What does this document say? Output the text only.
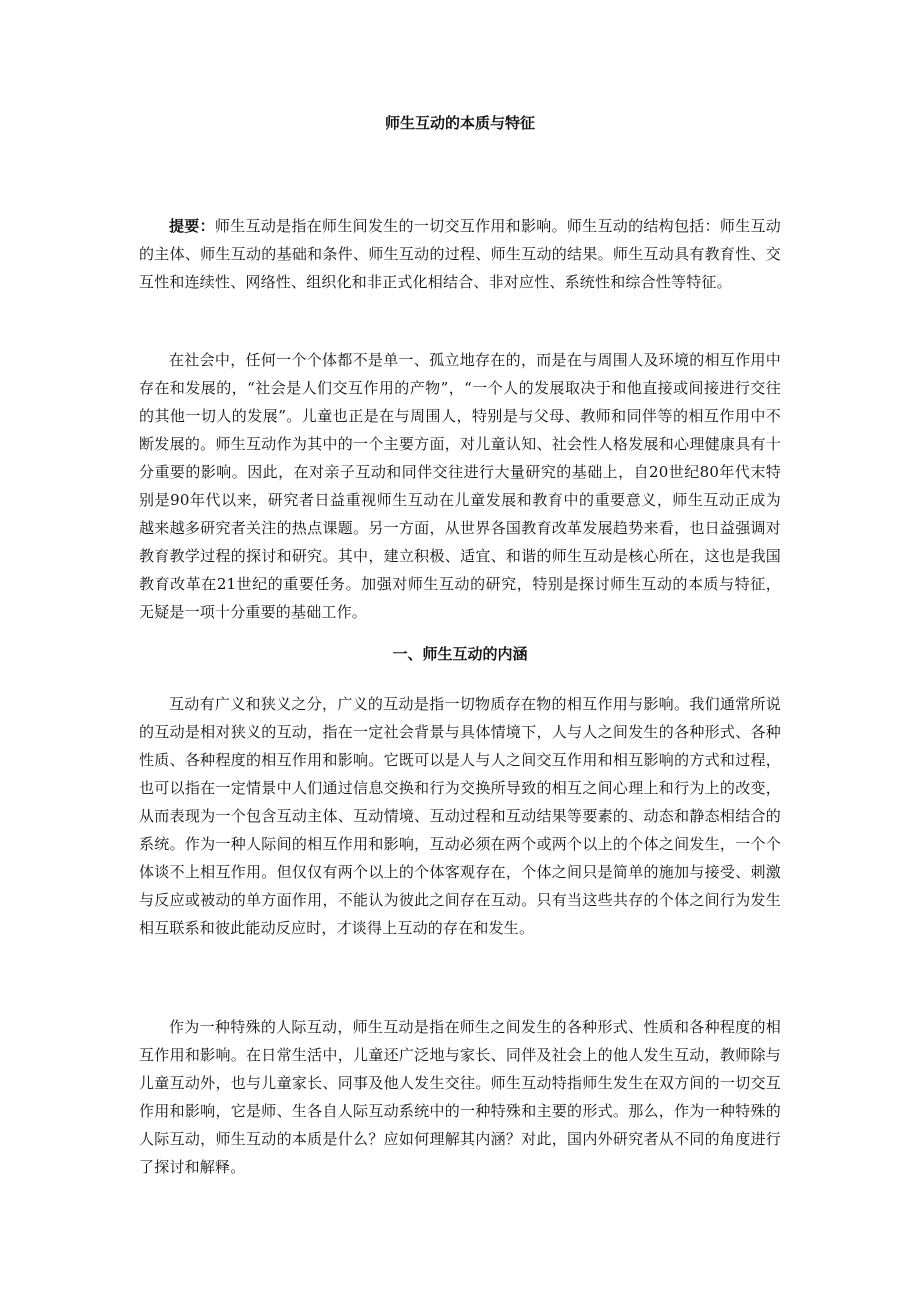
师生互动的本质与特征

提要：师生互动是指在师生间发生的一切交互作用和影响。师生互动的结构包括：师生互动的主体、师生互动的基础和条件、师生互动的过程、师生互动的结果。师生互动具有教育性、交互性和连续性、网络性、组织化和非正式化相结合、非对应性、系统性和综合性等特征。

在社会中，任何一个个体都不是单一、孤立地存在的，而是在与周围人及环境的相互作用中存在和发展的，“社会是人们交互作用的产物”，“一个人的发展取决于和他直接或间接进行交往的其他一切人的发展”。儿童也正是在与周围人，特别是与父母、教师和同伴等的相互作用中不断发展的。师生互动作为其中的一个主要方面，对儿童认知、社会性人格发展和心理健康具有十分重要的影响。因此，在对亲子互动和同伴交往进行大量研究的基础上，自20世纪80年代末特别是90年代以来，研究者日益重视师生互动在儿童发展和教育中的重要意义，师生互动正成为越来越多研究者关注的热点课题。另一方面，从世界各国教育改革发展趋势来看，也日益强调对教育教学过程的探讨和研究。其中，建立积极、适宜、和谐的师生互动是核心所在，这也是我国教育改革在21世纪的重要任务。加强对师生互动的研究，特别是探讨师生互动的本质与特征，无疑是一项十分重要的基础工作。

一、师生互动的内涵

互动有广义和狭义之分，广义的互动是指一切物质存在物的相互作用与影响。我们通常所说的互动是相对狭义的互动，指在一定社会背景与具体情境下，人与人之间发生的各种形式、各种性质、各种程度的相互作用和影响。它既可以是人与人之间交互作用和相互影响的方式和过程，也可以指在一定情景中人们通过信息交换和行为交换所导致的相互之间心理上和行为上的改变，从而表现为一个包含互动主体、互动情境、互动过程和互动结果等要素的、动态和静态相结合的系统。作为一种人际间的相互作用和影响，互动必须在两个或两个以上的个体之间发生，一个个体谈不上相互作用。但仅仅有两个以上的个体客观存在，个体之间只是简单的施加与接受、刺激与反应或被动的单方面作用，不能认为彼此之间存在互动。只有当这些共存的个体之间行为发生相互联系和彼此能动反应时，才谈得上互动的存在和发生。

作为一种特殊的人际互动，师生互动是指在师生之间发生的各种形式、性质和各种程度的相互作用和影响。在日常生活中，儿童还广泛地与家长、同伴及社会上的他人发生互动，教师除与儿童互动外，也与儿童家长、同事及他人发生交往。师生互动特指师生发生在双方间的一切交互作用和影响，它是师、生各自人际互动系统中的一种特殊和主要的形式。那么，作为一种特殊的人际互动，师生互动的本质是什么？应如何理解其内涵？对此，国内外研究者从不同的角度进行了探讨和解释。
